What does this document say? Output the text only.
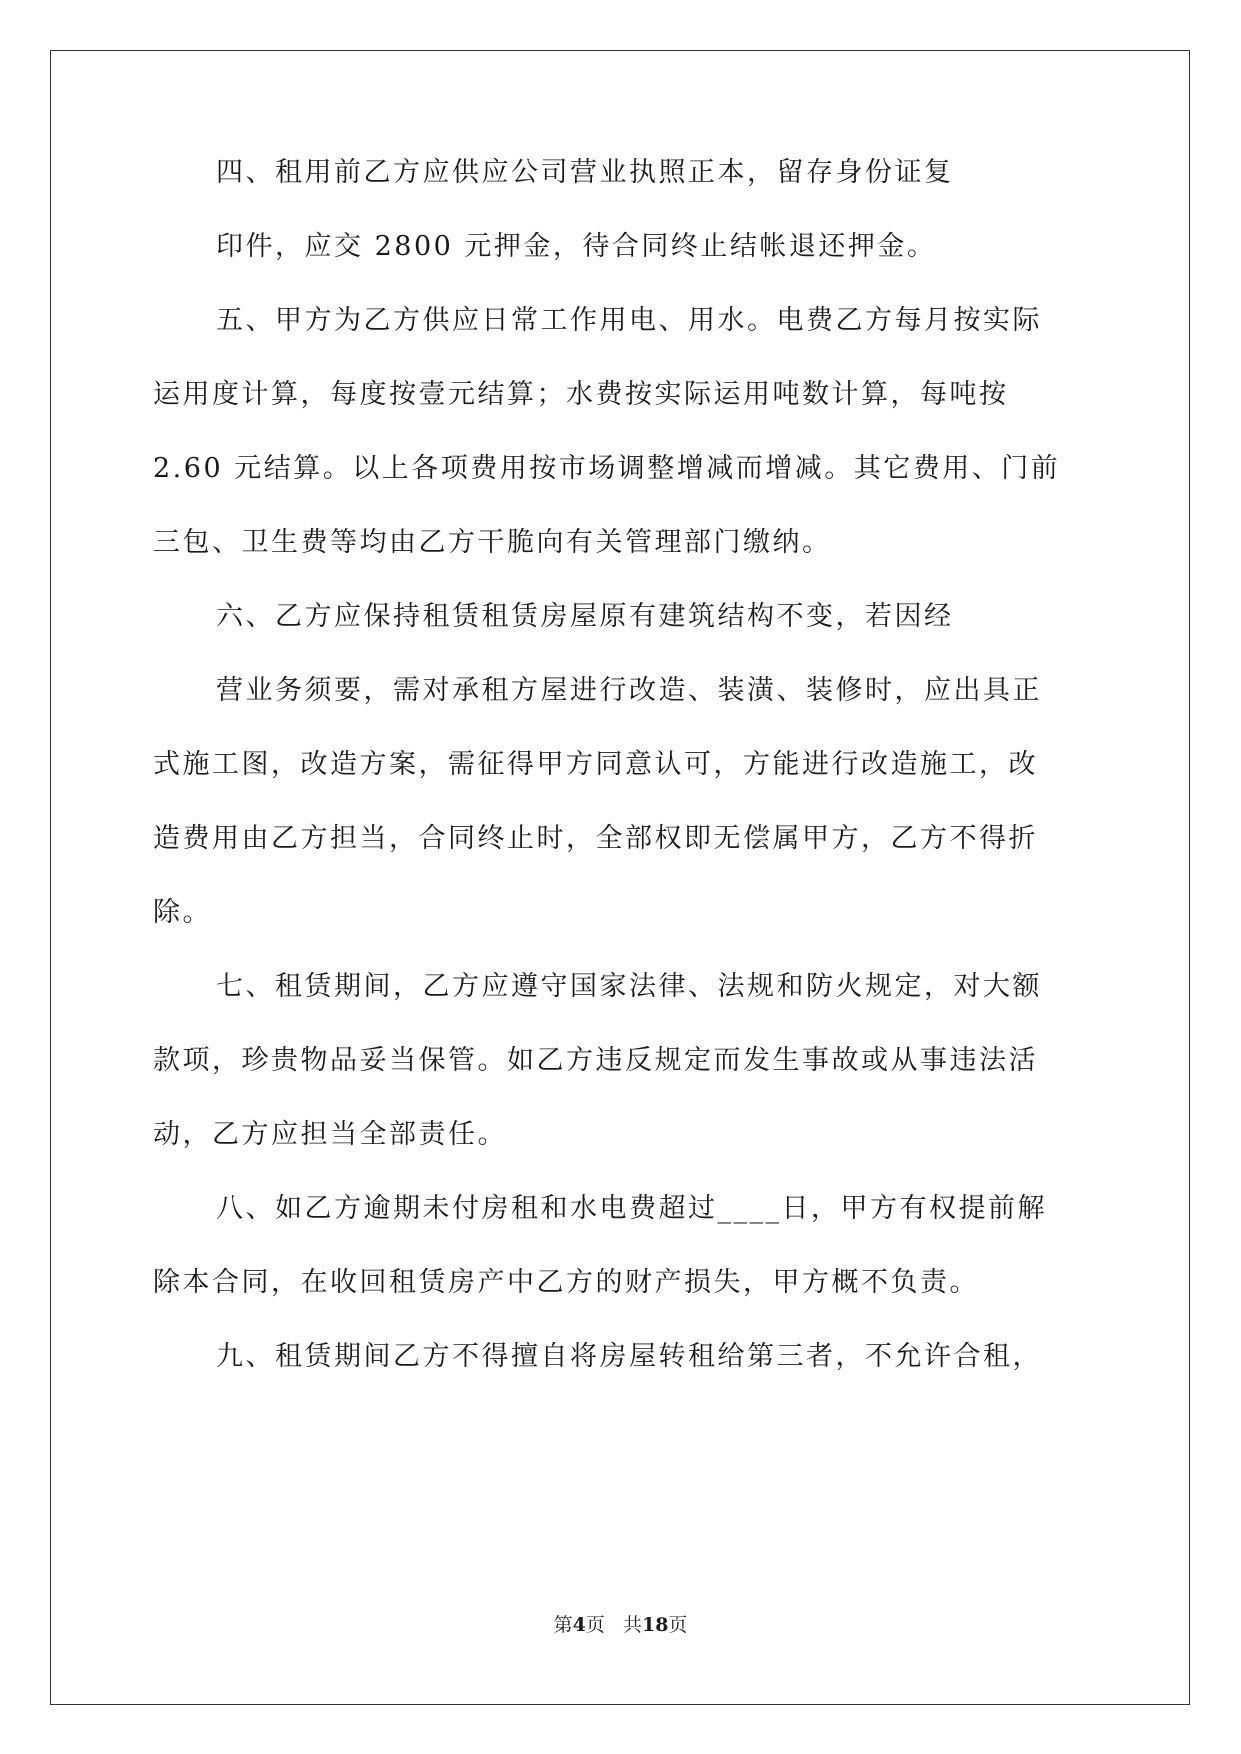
四、租用前乙方应供应公司营业执照正本，留存身份证复
印件，应交 2800 元押金，待合同终止结帐退还押金。
五、甲方为乙方供应日常工作用电、用水。电费乙方每月按实际
运用度计算，每度按壹元结算；水费按实际运用吨数计算，每吨按
2.60 元结算。以上各项费用按市场调整增减而增减。其它费用、门前
三包、卫生费等均由乙方干脆向有关管理部门缴纳。
六、乙方应保持租赁租赁房屋原有建筑结构不变，若因经
营业务须要，需对承租方屋进行改造、装潢、装修时，应出具正
式施工图，改造方案，需征得甲方同意认可，方能进行改造施工，改
造费用由乙方担当，合同终止时，全部权即无偿属甲方，乙方不得折
除。
七、租赁期间，乙方应遵守国家法律、法规和防火规定，对大额
款项，珍贵物品妥当保管。如乙方违反规定而发生事故或从事违法活
动，乙方应担当全部责任。
八、如乙方逾期未付房租和水电费超过____日，甲方有权提前解
除本合同，在收回租赁房产中乙方的财产损失，甲方概不负责。
九、租赁期间乙方不得擅自将房屋转租给第三者，不允许合租，
第4页 共18页
